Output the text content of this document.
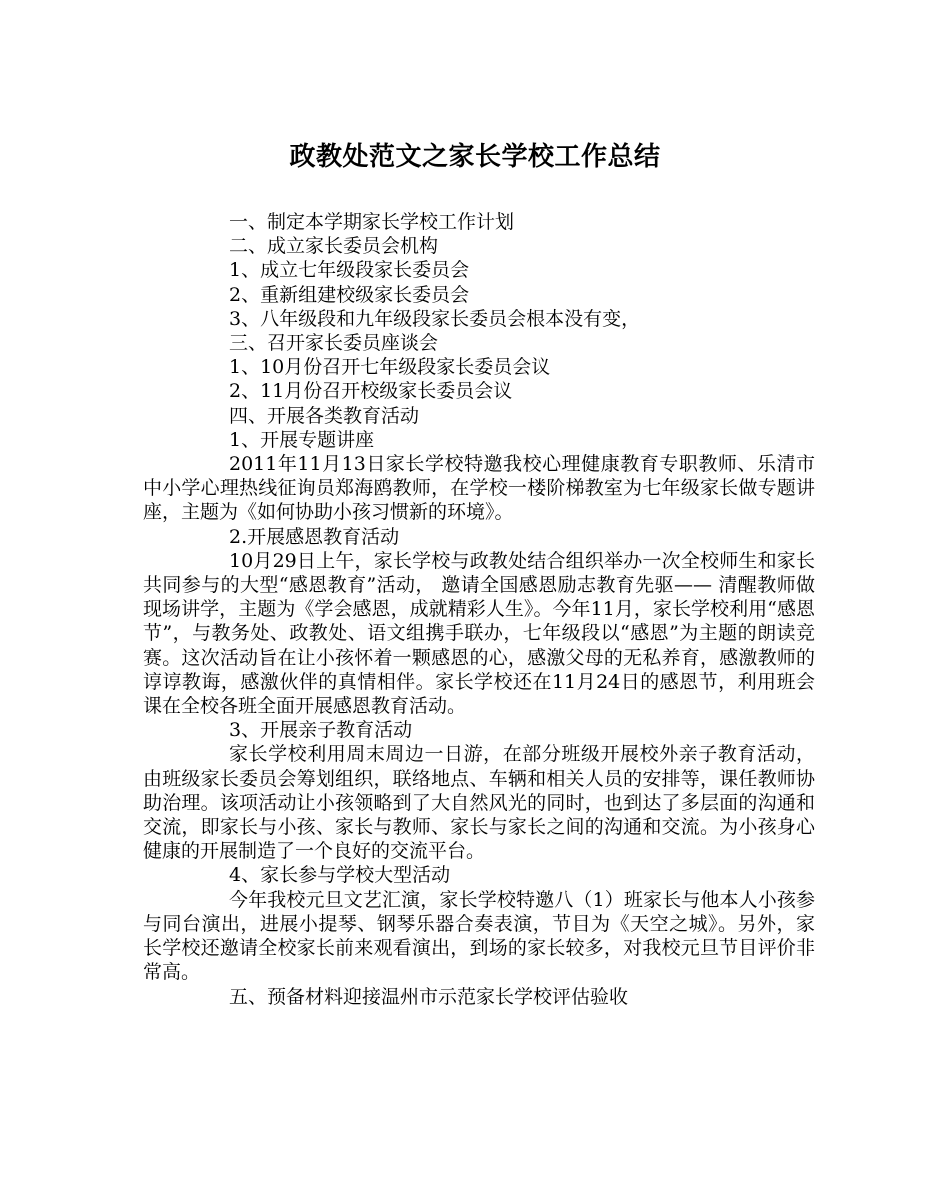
政教处范文之家长学校工作总结

一、制定本学期家长学校工作计划

二、成立家长委员会机构

1、成立七年级段家长委员会

2、重新组建校级家长委员会

3、八年级段和九年级段家长委员会根本没有变，

三、召开家长委员座谈会

1、10月份召开七年级段家长委员会议

2、11月份召开校级家长委员会议

四、开展各类教育活动

1、开展专题讲座

2011年11月13日家长学校特邀我校心理健康教育专职教师、乐清市中小学心理热线征询员郑海鸥教师，在学校一楼阶梯教室为七年级家长做专题讲座，主题为《如何协助小孩习惯新的环境》。

2.开展感恩教育活动

10月29日上午，家长学校与政教处结合组织举办一次全校师生和家长共同参与的大型“感恩教育”活动， 邀请全国感恩励志教育先驱—— 清醒教师做现场讲学，主题为《学会感恩，成就精彩人生》。今年11月，家长学校利用“感恩节”，与教务处、政教处、语文组携手联办，七年级段以“感恩”为主题的朗读竞赛。这次活动旨在让小孩怀着一颗感恩的心，感激父母的无私养育，感激教师的谆谆教诲，感激伙伴的真情相伴。家长学校还在11月24日的感恩节，利用班会课在全校各班全面开展感恩教育活动。

3、开展亲子教育活动

家长学校利用周末周边一日游，在部分班级开展校外亲子教育活动，由班级家长委员会筹划组织，联络地点、车辆和相关人员的安排等，课任教师协助治理。该项活动让小孩领略到了大自然风光的同时，也到达了多层面的沟通和交流，即家长与小孩、家长与教师、家长与家长之间的沟通和交流。为小孩身心健康的开展制造了一个良好的交流平台。

4、家长参与学校大型活动

今年我校元旦文艺汇演，家长学校特邀八（1）班家长与他本人小孩参与同台演出，进展小提琴、钢琴乐器合奏表演，节目为《天空之城》。另外，家长学校还邀请全校家长前来观看演出，到场的家长较多，对我校元旦节目评价非常高。

五、预备材料迎接温州市示范家长学校评估验收
